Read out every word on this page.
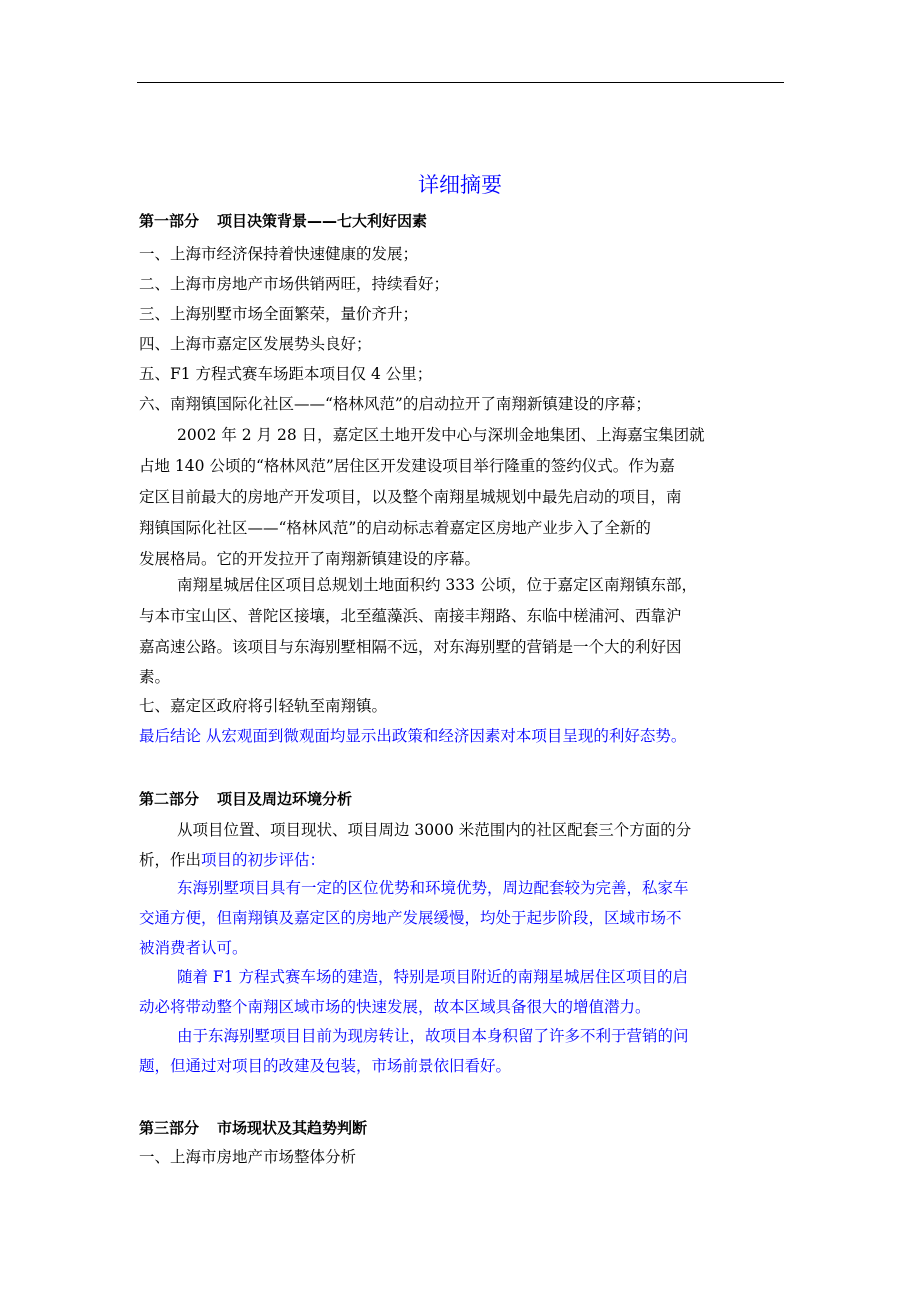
详细摘要
第一部分 项目决策背景——七大利好因素
一、上海市经济保持着快速健康的发展；
二、上海市房地产市场供销两旺，持续看好；
三、上海别墅市场全面繁荣，量价齐升；
四、上海市嘉定区发展势头良好；
五、F1 方程式赛车场距本项目仅 4 公里；
六、南翔镇国际化社区——“格林风范”的启动拉开了南翔新镇建设的序幕；
2002 年 2 月 28 日，嘉定区土地开发中心与深圳金地集团、上海嘉宝集团就
占地 140 公顷的“格林风范”居住区开发建设项目举行隆重的签约仪式。作为嘉
定区目前最大的房地产开发项目，以及整个南翔星城规划中最先启动的项目，南
翔镇国际化社区——“格林风范”的启动标志着嘉定区房地产业步入了全新的
发展格局。它的开发拉开了南翔新镇建设的序幕。
南翔星城居住区项目总规划土地面积约 333 公顷，位于嘉定区南翔镇东部，
与本市宝山区、普陀区接壤，北至蕴藻浜、南接丰翔路、东临中槎浦河、西靠沪
嘉高速公路。该项目与东海别墅相隔不远，对东海别墅的营销是一个大的利好因
素。
七、嘉定区政府将引轻轨至南翔镇。
最后结论 从宏观面到微观面均显示出政策和经济因素对本项目呈现的利好态势。
第二部分 项目及周边环境分析
从项目位置、项目现状、项目周边 3000 米范围内的社区配套三个方面的分
析，作出项目的初步评估：
东海别墅项目具有一定的区位优势和环境优势，周边配套较为完善，私家车
交通方便，但南翔镇及嘉定区的房地产发展缓慢，均处于起步阶段，区域市场不
被消费者认可。
随着 F1 方程式赛车场的建造，特别是项目附近的南翔星城居住区项目的启
动必将带动整个南翔区域市场的快速发展，故本区域具备很大的增值潜力。
由于东海别墅项目目前为现房转让，故项目本身积留了许多不利于营销的问
题，但通过对项目的改建及包装，市场前景依旧看好。
第三部分 市场现状及其趋势判断
一、上海市房地产市场整体分析
